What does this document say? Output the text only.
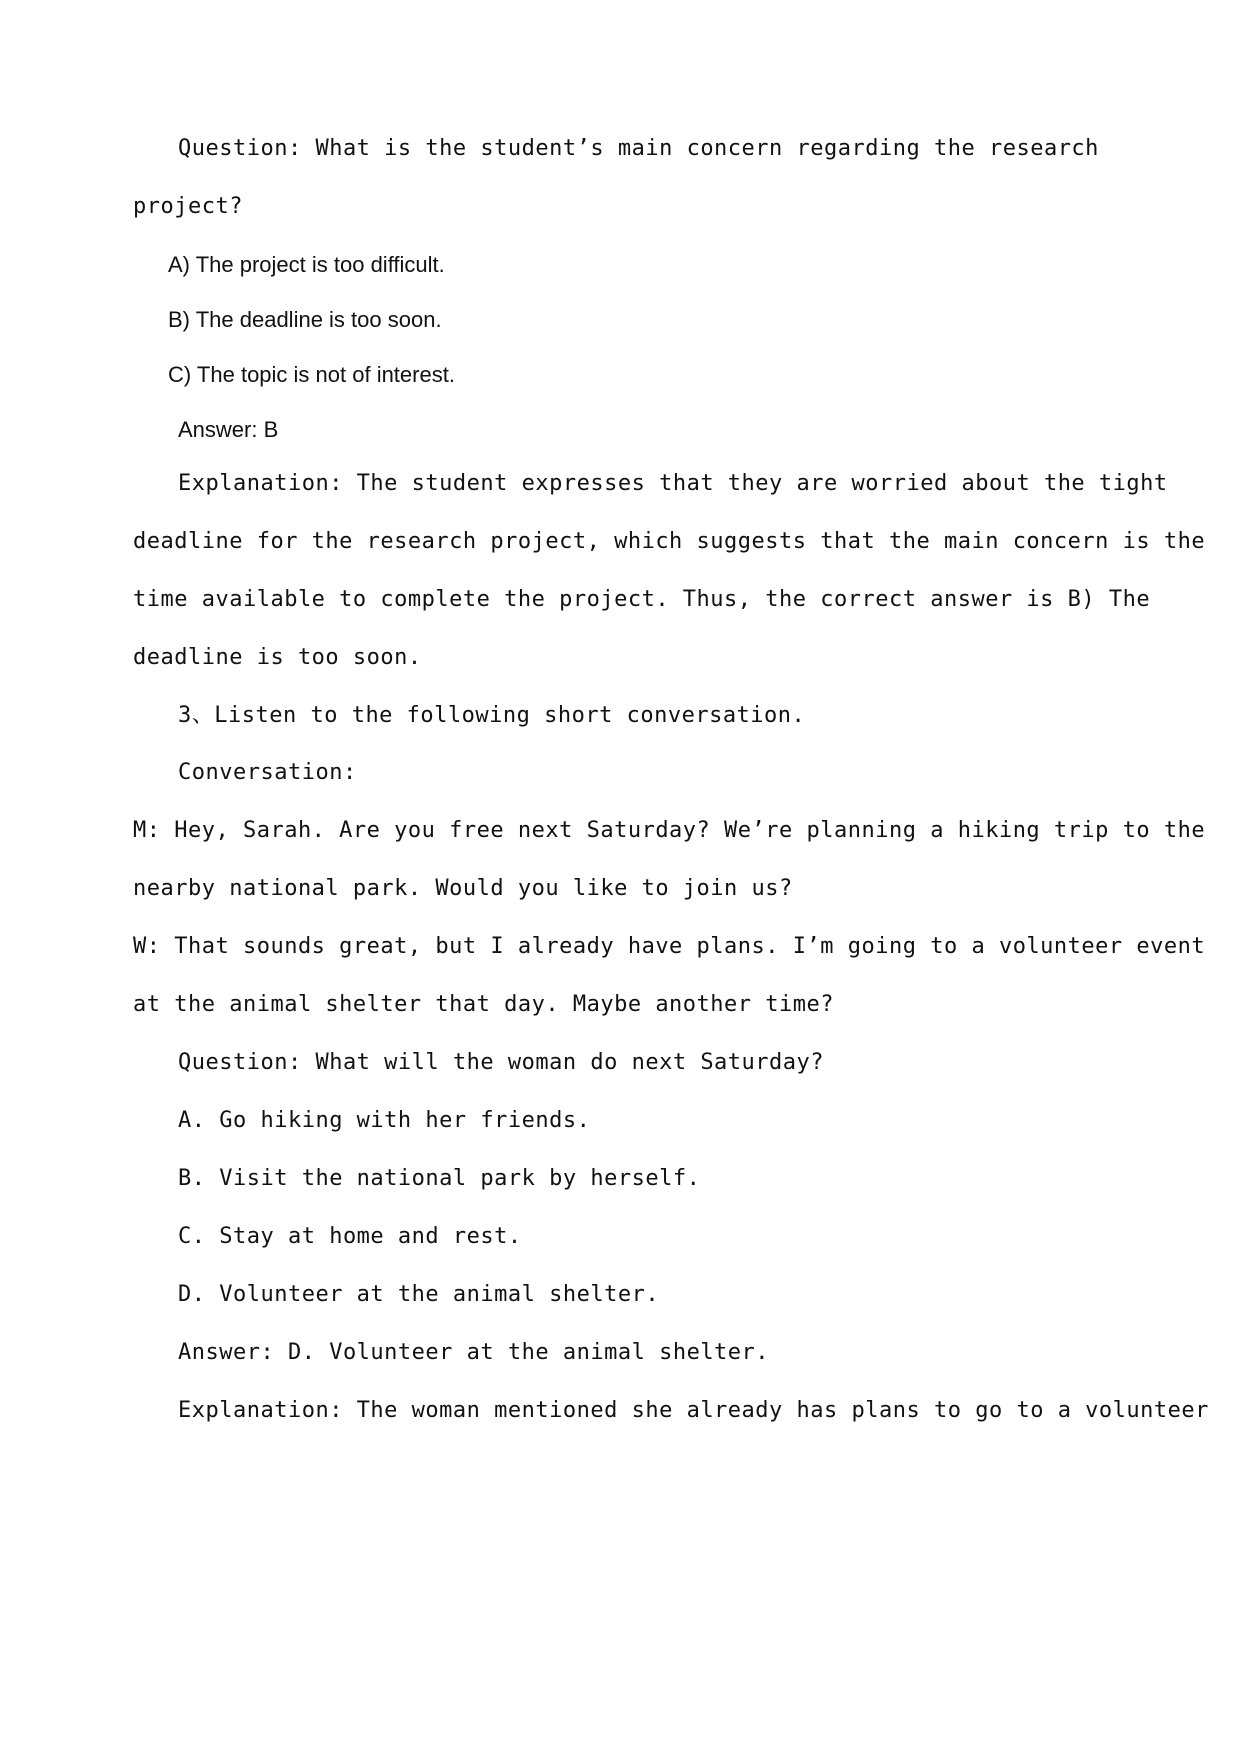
Question: What is the student’s main concern regarding the research
project?
A) The project is too difficult.
B) The deadline is too soon.
C) The topic is not of interest.
Answer: B
Explanation: The student expresses that they are worried about the tight
deadline for the research project, which suggests that the main concern is the
time available to complete the project. Thus, the correct answer is B) The
deadline is too soon.
3、Listen to the following short conversation.
Conversation:
M: Hey, Sarah. Are you free next Saturday? We’re planning a hiking trip to the
nearby national park. Would you like to join us?
W: That sounds great, but I already have plans. I’m going to a volunteer event
at the animal shelter that day. Maybe another time?
Question: What will the woman do next Saturday?
A. Go hiking with her friends.
B. Visit the national park by herself.
C. Stay at home and rest.
D. Volunteer at the animal shelter.
Answer: D. Volunteer at the animal shelter.
Explanation: The woman mentioned she already has plans to go to a volunteer
